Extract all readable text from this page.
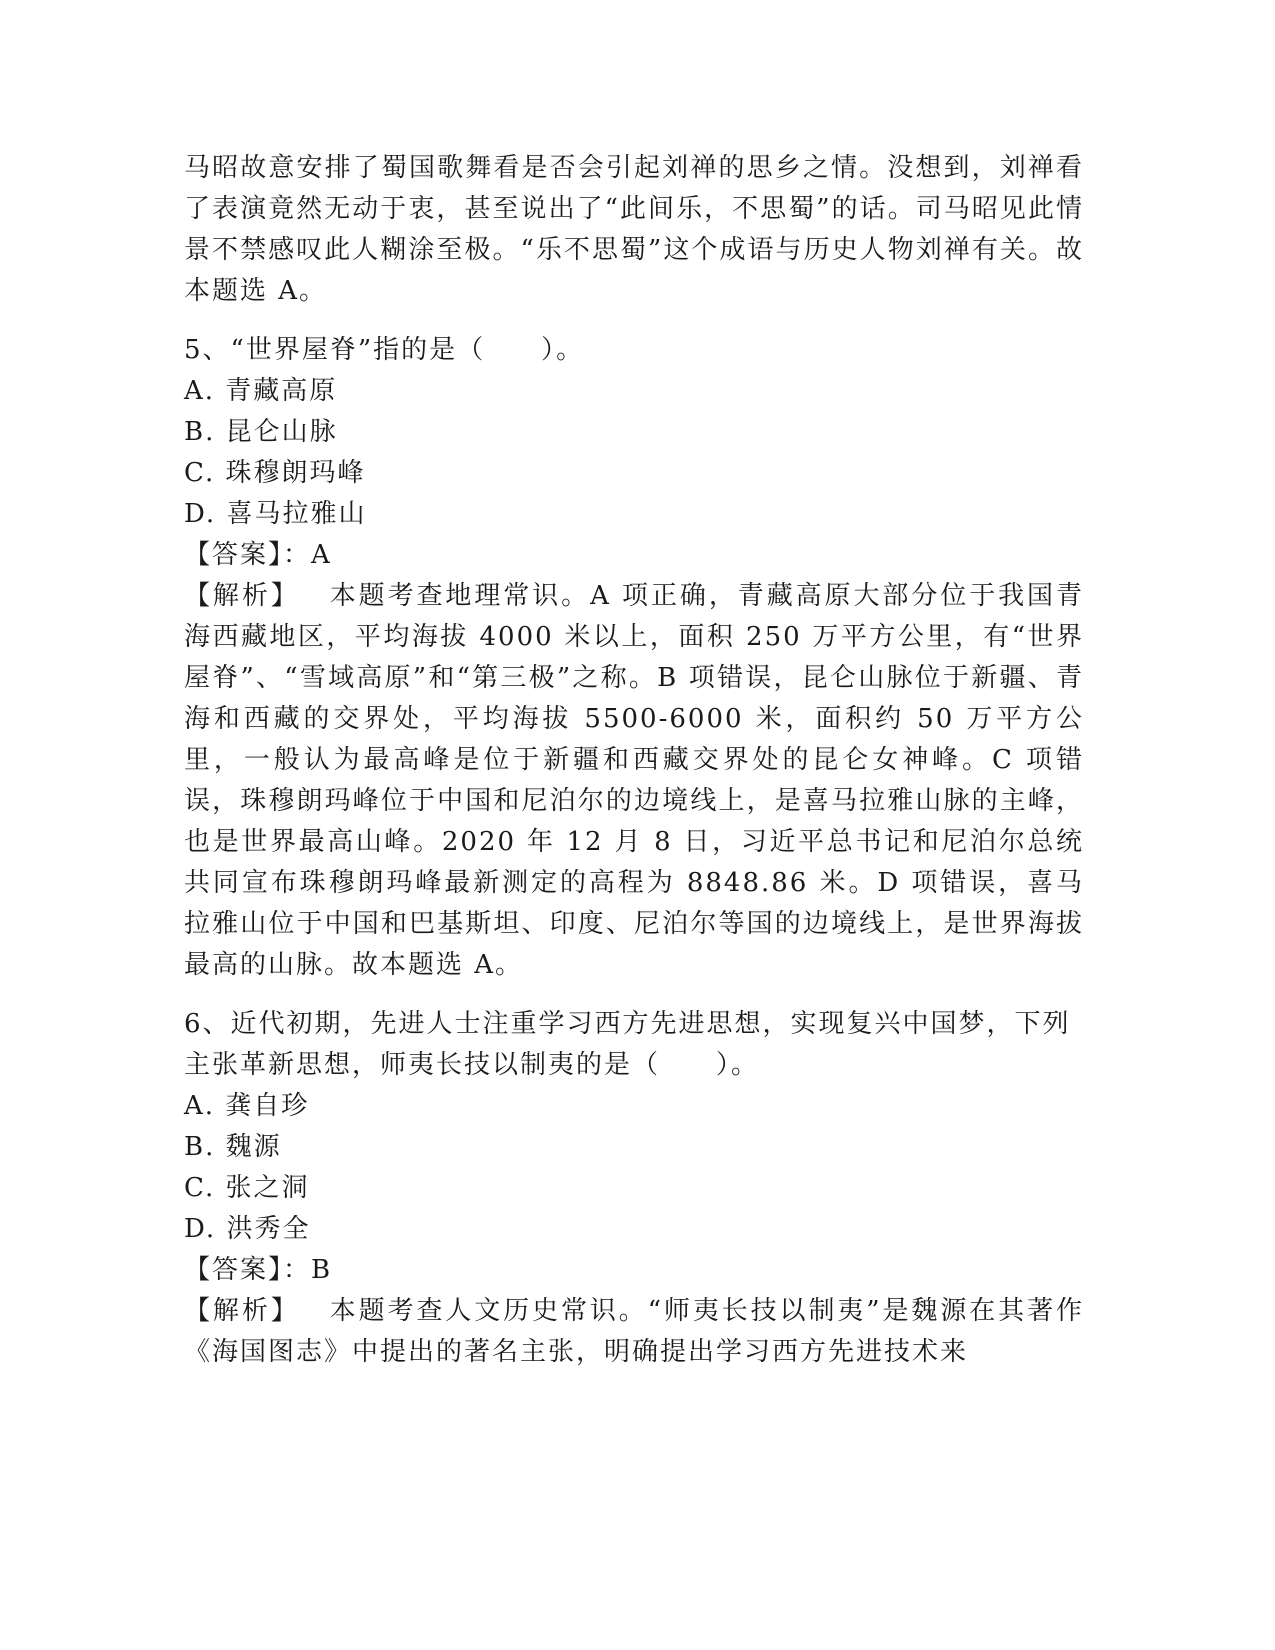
马昭故意安排了蜀国歌舞看是否会引起刘禅的思乡之情。没想到，刘禅看了表演竟然无动于衷，甚至说出了“此间乐，不思蜀”的话。司马昭见此情景不禁感叹此人糊涂至极。“乐不思蜀”这个成语与历史人物刘禅有关。故本题选 A。

5、“世界屋脊”指的是（　　）。

A. 青藏高原

B. 昆仑山脉

C. 珠穆朗玛峰

D. 喜马拉雅山

【答案】：A

【解析】 本题考查地理常识。A 项正确，青藏高原大部分位于我国青海西藏地区，平均海拔 4000 米以上，面积 250 万平方公里，有“世界屋脊”、“雪域高原”和“第三极”之称。B 项错误，昆仑山脉位于新疆、青海和西藏的交界处，平均海拔 5500-6000 米，面积约 50 万平方公里，一般认为最高峰是位于新疆和西藏交界处的昆仑女神峰。C 项错误，珠穆朗玛峰位于中国和尼泊尔的边境线上，是喜马拉雅山脉的主峰，也是世界最高山峰。2020 年 12 月 8 日，习近平总书记和尼泊尔总统共同宣布珠穆朗玛峰最新测定的高程为 8848.86 米。D 项错误，喜马拉雅山位于中国和巴基斯坦、印度、尼泊尔等国的边境线上，是世界海拔最高的山脉。故本题选 A。

6、近代初期，先进人士注重学习西方先进思想，实现复兴中国梦，下列主张革新思想，师夷长技以制夷的是（　　）。

A. 龚自珍

B. 魏源

C. 张之洞

D. 洪秀全

【答案】：B

【解析】 本题考查人文历史常识。“师夷长技以制夷”是魏源在其著作《海国图志》中提出的著名主张，明确提出学习西方先进技术来
